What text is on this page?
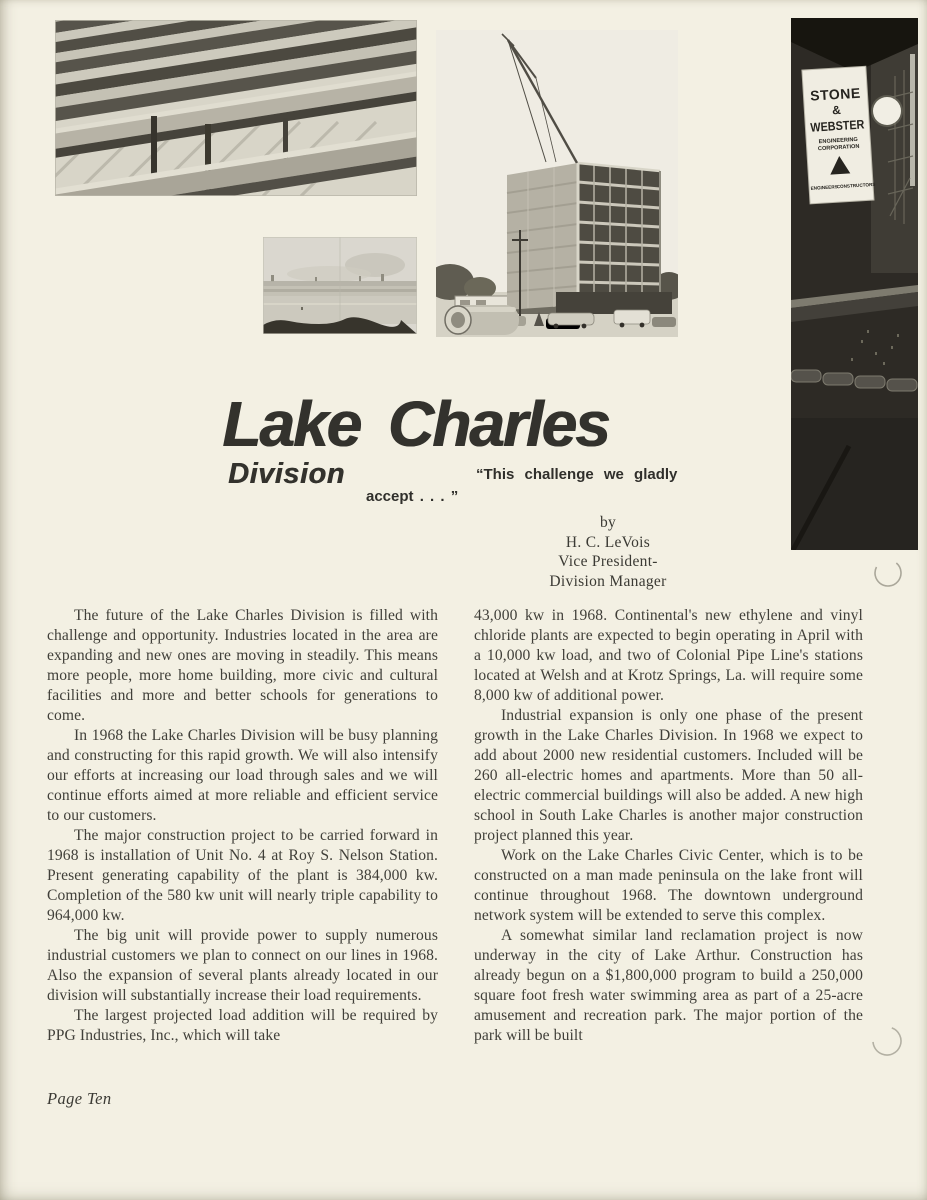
STONE
&
WEBSTER
ENGINEERING
CORPORATION
ENGINEERS
CONSTRUCTORS
Lake Charles
Division	“This challenge we gladly
accept . . . ”
by
H. C. LeVois
Vice President-
Division Manager

The future of the Lake Charles Division is filled with challenge and opportunity. Industries located in the area are expanding and new ones are moving in steadily. This means more people, more home building, more civic and cultural facilities and more and better schools for generations to come.

In 1968 the Lake Charles Division will be busy planning and constructing for this rapid growth. We will also intensify our efforts at increasing our load through sales and we will continue efforts aimed at more reliable and efficient service to our customers.

The major construction project to be carried forward in 1968 is installation of Unit No. 4 at Roy S. Nelson Station. Present generating capability of the plant is 384,000 kw. Completion of the 580 kw unit will nearly triple capability to 964,000 kw.

The big unit will provide power to supply numerous industrial customers we plan to connect on our lines in 1968. Also the expansion of several plants already located in our division will substantially increase their load requirements.

The largest projected load addition will be required by PPG Industries, Inc., which will take

43,000 kw in 1968. Continental's new ethylene and vinyl chloride plants are expected to begin operating in April with a 10,000 kw load, and two of Colonial Pipe Line's stations located at Welsh and at Krotz Springs, La. will require some 8,000 kw of additional power.

Industrial expansion is only one phase of the present growth in the Lake Charles Division. In 1968 we expect to add about 2000 new residential customers. Included will be 260 all-electric homes and apartments. More than 50 all-electric commercial buildings will also be added. A new high school in South Lake Charles is another major construction project planned this year.

Work on the Lake Charles Civic Center, which is to be constructed on a man made peninsula on the lake front will continue throughout 1968. The downtown underground network system will be extended to serve this complex.

A somewhat similar land reclamation project is now underway in the city of Lake Arthur. Construction has already begun on a $1,800,000 program to build a 250,000 square foot fresh water swimming area as part of a 25-acre amusement and recreation park. The major portion of the park will be built

Page Ten
